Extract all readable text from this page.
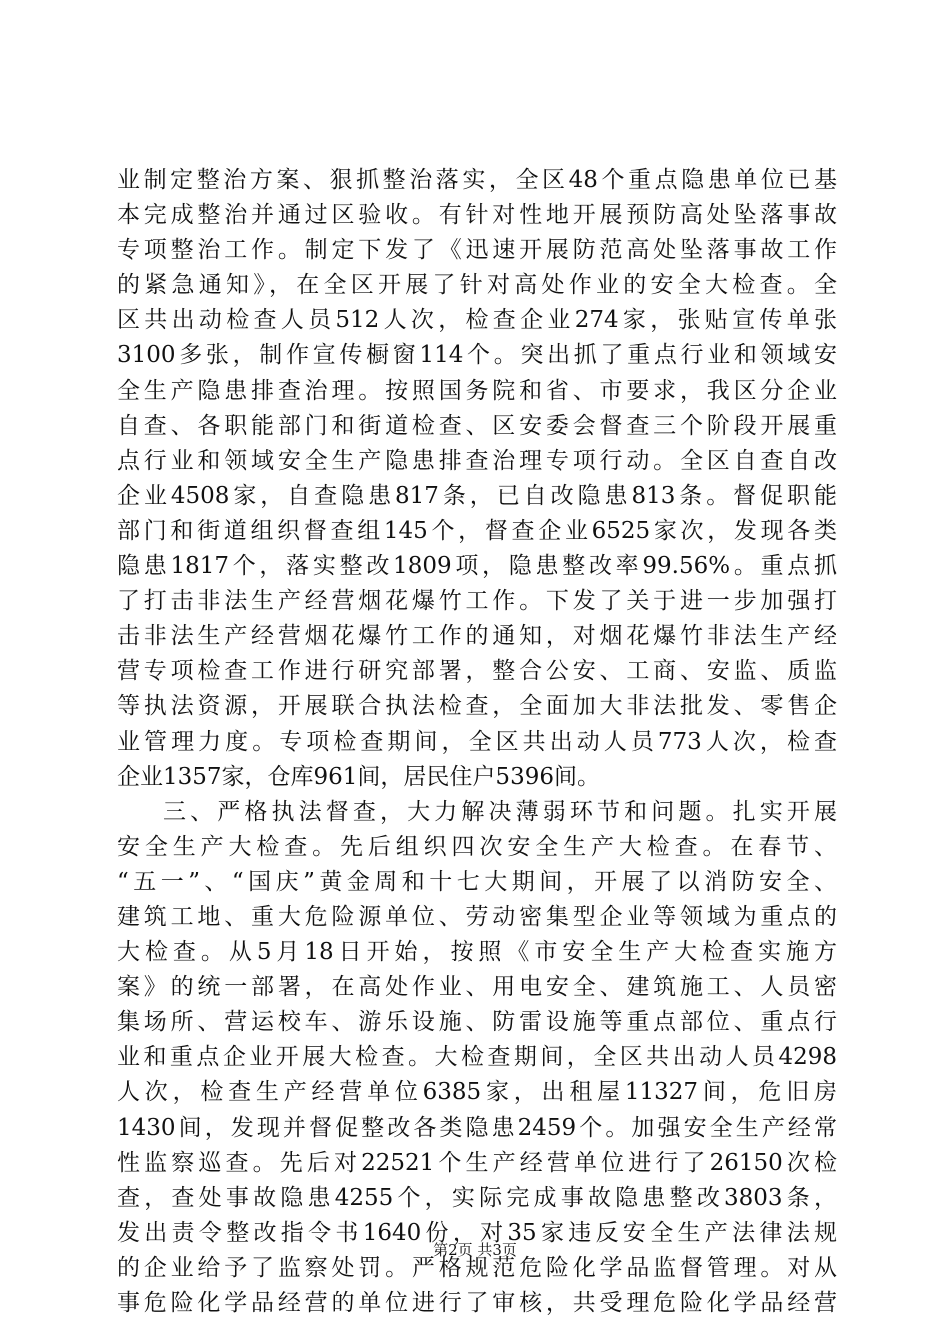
业制定整治方案、狠抓整治落实，全区48个重点隐患单位已基
本完成整治并通过区验收。有针对性地开展预防高处坠落事故
专项整治工作。制定下发了《迅速开展防范高处坠落事故工作
的紧急通知》，在全区开展了针对高处作业的安全大检查。全
区共出动检查人员512人次，检查企业274家，张贴宣传单张
3100多张，制作宣传橱窗114个。突出抓了重点行业和领域安
全生产隐患排查治理。按照国务院和省、市要求，我区分企业
自查、各职能部门和街道检查、区安委会督查三个阶段开展重
点行业和领域安全生产隐患排查治理专项行动。全区自查自改
企业4508家，自查隐患817条，已自改隐患813条。督促职能
部门和街道组织督查组145个，督查企业6525家次，发现各类
隐患1817个，落实整改1809项，隐患整改率99.56%。重点抓
了打击非法生产经营烟花爆竹工作。下发了关于进一步加强打
击非法生产经营烟花爆竹工作的通知，对烟花爆竹非法生产经
营专项检查工作进行研究部署，整合公安、工商、安监、质监
等执法资源，开展联合执法检查，全面加大非法批发、零售企
业管理力度。专项检查期间，全区共出动人员773人次，检查
企业1357家，仓库961间，居民住户5396间。
三、严格执法督查，大力解决薄弱环节和问题。扎实开展
安全生产大检查。先后组织四次安全生产大检查。在春节、
“五一”、“国庆”黄金周和十七大期间，开展了以消防安全、
建筑工地、重大危险源单位、劳动密集型企业等领域为重点的
大检查。从5月18日开始，按照《市安全生产大检查实施方
案》的统一部署，在高处作业、用电安全、建筑施工、人员密
集场所、营运校车、游乐设施、防雷设施等重点部位、重点行
业和重点企业开展大检查。大检查期间，全区共出动人员4298
人次，检查生产经营单位6385家，出租屋11327间，危旧房
1430间，发现并督促整改各类隐患2459个。加强安全生产经常
性监察巡查。先后对22521个生产经营单位进行了26150次检
查，查处事故隐患4255个，实际完成事故隐患整改3803条，
发出责令整改指令书1640份，对35家违反安全生产法律法规
的企业给予了监察处罚。严格规范危险化学品监督管理。对从
事危险化学品经营的单位进行了审核，共受理危险化学品经营
第2页 共3页
